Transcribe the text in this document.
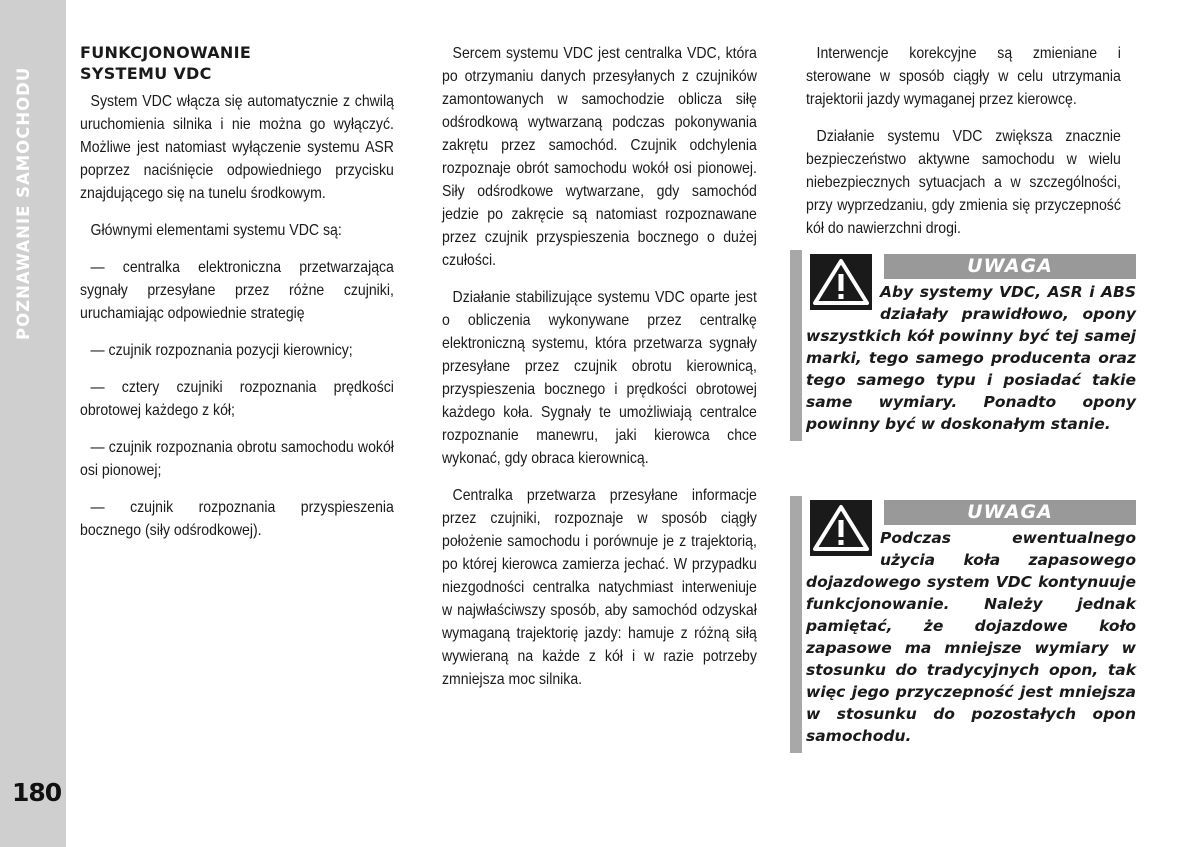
POZNAWANIE SAMOCHODU
180
FUNKCJONOWANIE
SYSTEMU VDC

System VDC włącza się automatycznie z chwilą uruchomienia silnika i nie można go wyłączyć. Możliwe jest natomiast wyłączenie systemu ASR poprzez naciśnięcie odpowiedniego przycisku znajdującego się na tunelu środkowym.

Głównymi elementami systemu VDC są:

— centralka elektroniczna przetwarzająca sygnały przesyłane przez różne czujniki, uruchamiając odpowiednie strategię

— czujnik rozpoznania pozycji kierownicy;

— cztery czujniki rozpoznania prędkości obrotowej każdego z kół;

— czujnik rozpoznania obrotu samochodu wokół osi pionowej;

— czujnik rozpoznania przyspieszenia bocznego (siły odśrodkowej).

Sercem systemu VDC jest centralka VDC, która po otrzymaniu danych przesyłanych z czujników zamontowanych w samochodzie oblicza siłę odśrodkową wytwarzaną podczas pokonywania zakrętu przez samochód. Czujnik odchylenia rozpoznaje obrót samochodu wokół osi pionowej. Siły odśrodkowe wytwarzane, gdy samochód jedzie po zakręcie są natomiast rozpoznawane przez czujnik przyspieszenia bocznego o dużej czułości.

Działanie stabilizujące systemu VDC oparte jest o obliczenia wykonywane przez centralkę elektroniczną systemu, która przetwarza sygnały przesyłane przez czujnik obrotu kierownicą, przyspieszenia bocznego i prędkości obrotowej każdego koła. Sygnały te umożliwiają centralce rozpoznanie manewru, jaki kierowca chce wykonać, gdy obraca kierownicą.

Centralka przetwarza przesyłane informacje przez czujniki, rozpoznaje w sposób ciągły położenie samochodu i porównuje je z trajektorią, po której kierowca zamierza jechać. W przypadku niezgodności centralka natychmiast interweniuje w najwłaściwszy sposób, aby samochód odzyskał wymaganą trajektorię jazdy: hamuje z różną siłą wywieraną na każde z kół i w razie potrzeby zmniejsza moc silnika.

Interwencje korekcyjne są zmieniane i sterowane w sposób ciągły w celu utrzymania trajektorii jazdy wymaganej przez kierowcę.

Działanie systemu VDC zwiększa znacznie bezpieczeństwo aktywne samochodu w wielu niebezpiecznych sytuacjach a w szczególności, przy wyprzedzaniu, gdy zmienia się przyczepność kół do nawierzchni drogi.

UWAGA
Aby systemy VDC, ASR i ABS działały prawidłowo, opony wszystkich kół powinny być tej samej marki, tego samego producenta oraz tego samego typu i posiadać takie same wymiary. Ponadto opony powinny być w doskonałym stanie.
UWAGA
Podczas ewentualnego użycia koła zapasowego dojazdowego system VDC kontynuuje funkcjonowanie. Należy jednak pamiętać, że dojazdowe koło zapasowe ma mniejsze wymiary w stosunku do tradycyjnych opon, tak więc jego przyczepność jest mniejsza w stosunku do pozostałych opon samochodu.
